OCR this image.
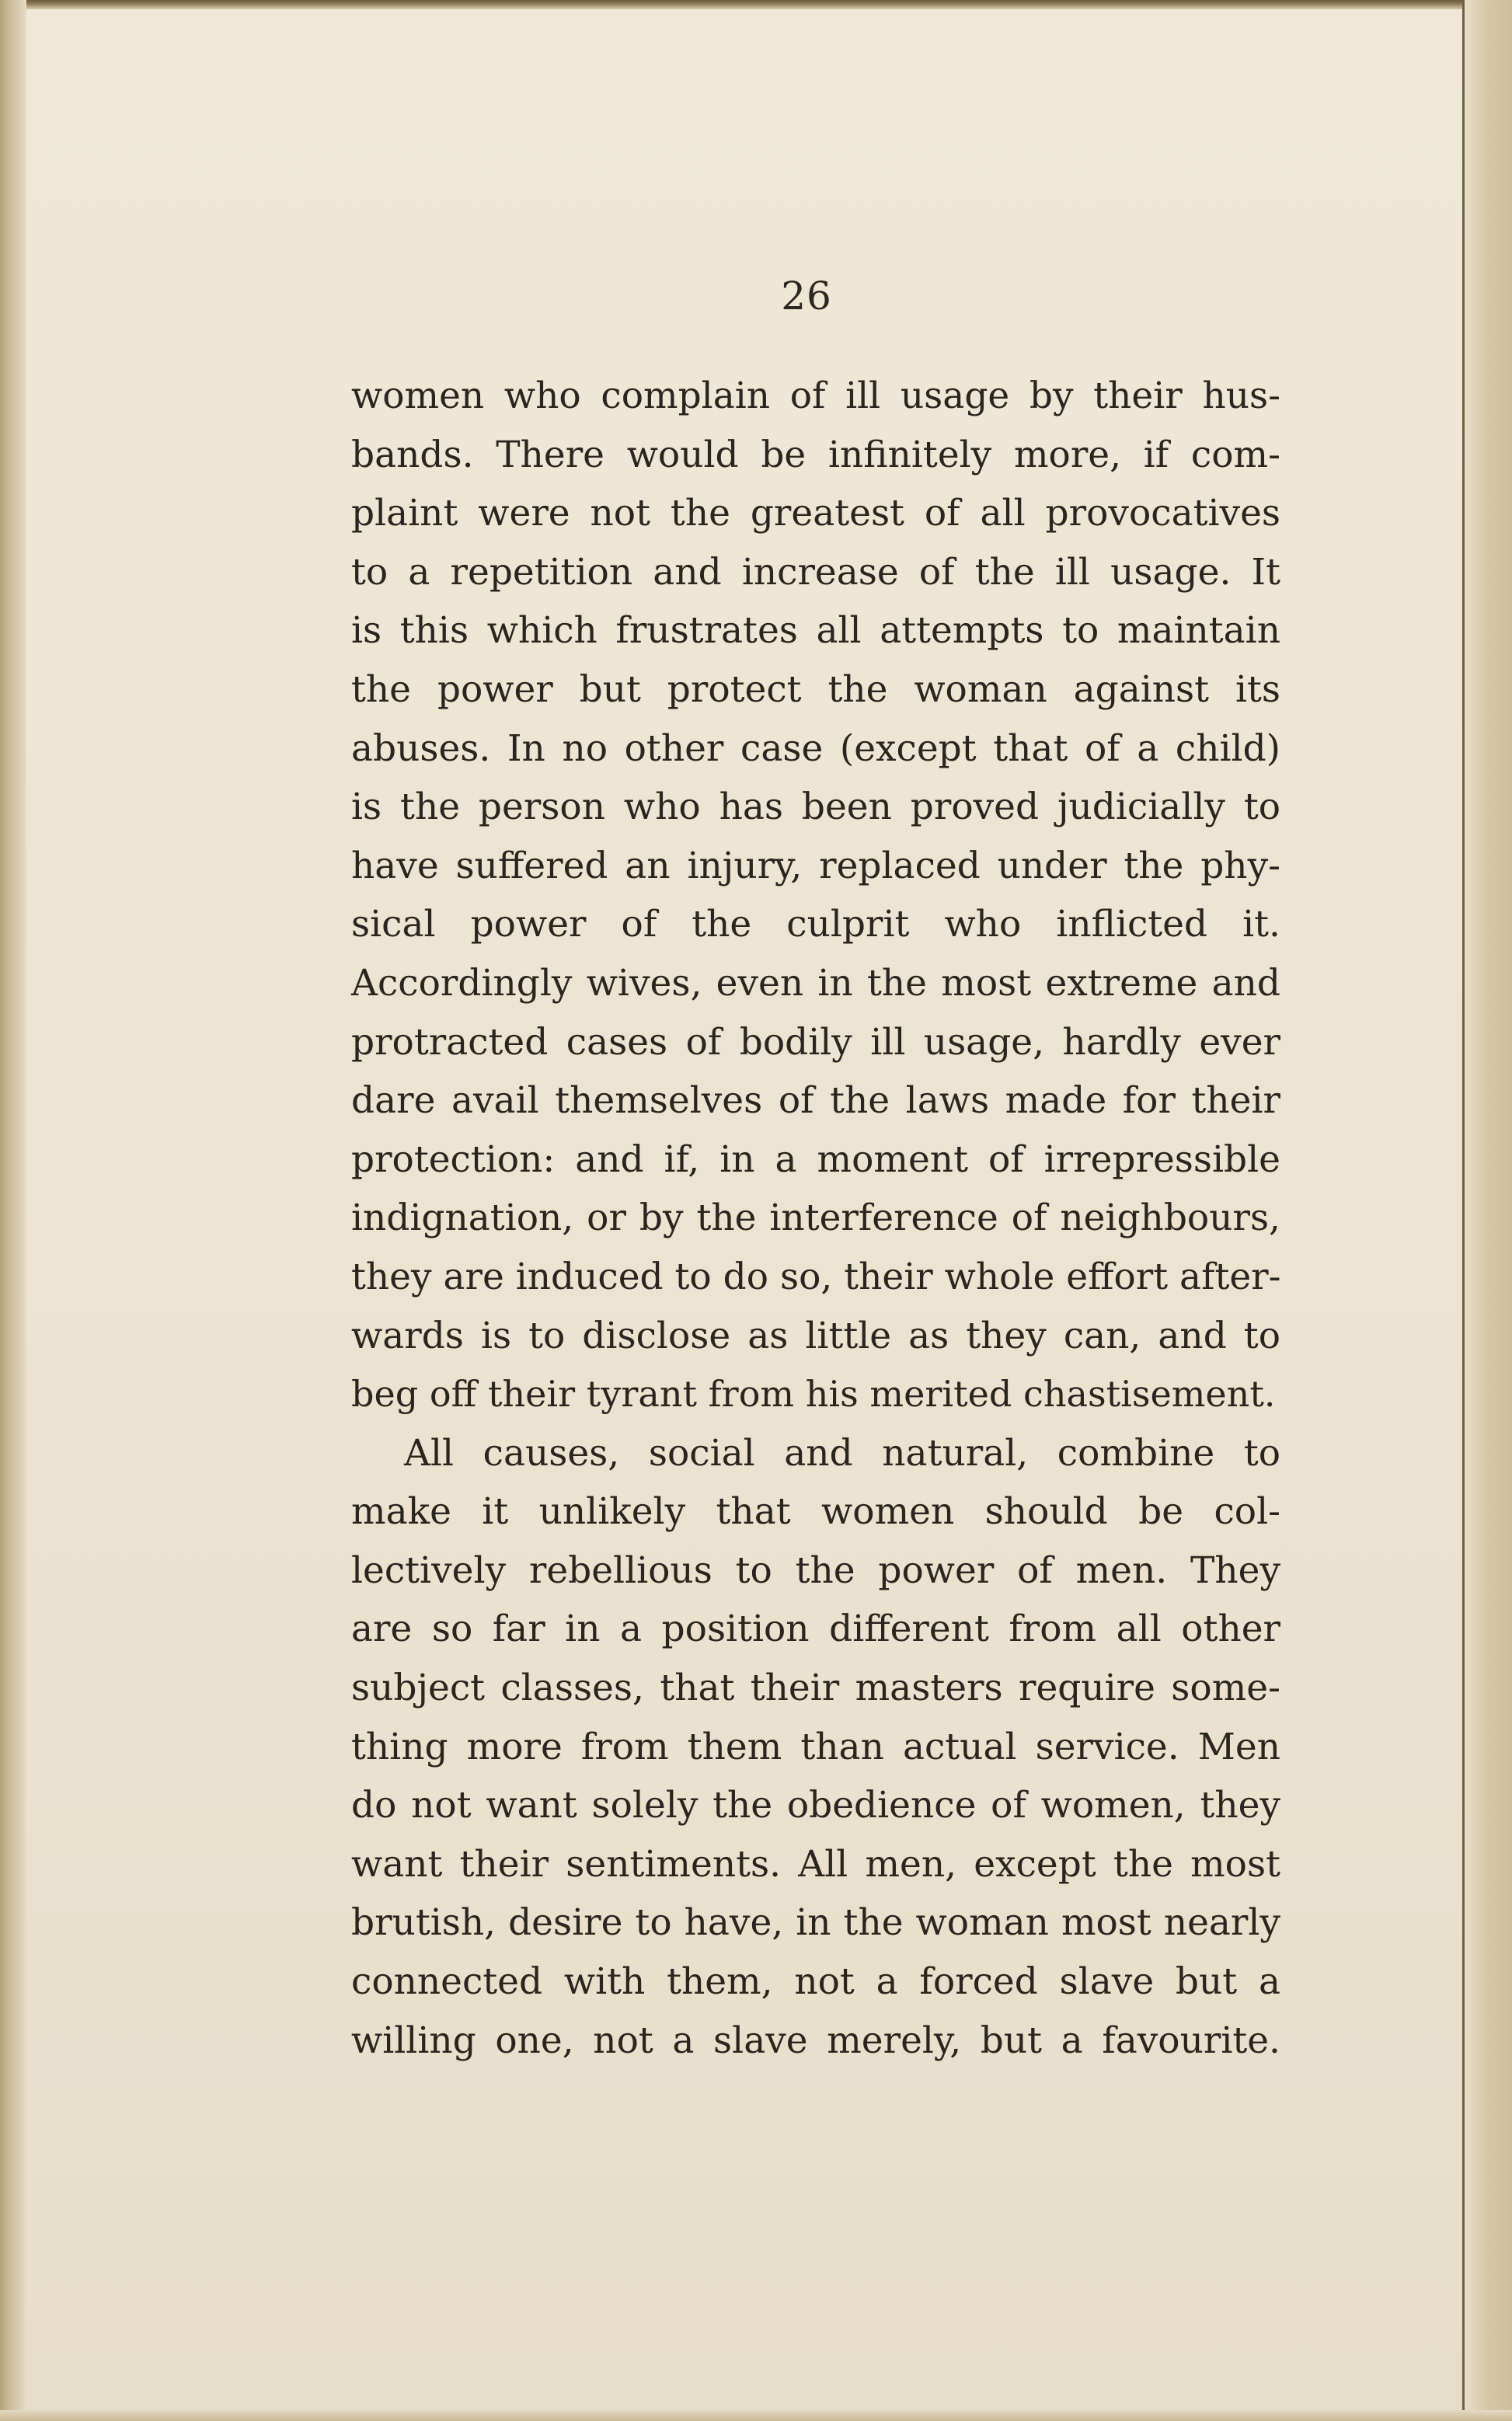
26
women who complain of ill usage by their hus-
bands. There would be infinitely more, if com-
plaint were not the greatest of all provocatives
to a repetition and increase of the ill usage. It
is this which frustrates all attempts to maintain
the power but protect the woman against its
abuses. In no other case (except that of a child)
is the person who has been proved judicially to
have suffered an injury, replaced under the phy-
sical power of the culprit who inflicted it.
Accordingly wives, even in the most extreme and
protracted cases of bodily ill usage, hardly ever
dare avail themselves of the laws made for their
protection: and if, in a moment of irrepressible
indignation, or by the interference of neighbours,
they are induced to do so, their whole effort after-
wards is to disclose as little as they can, and to
beg off their tyrant from his merited chastisement.
All causes, social and natural, combine to
make it unlikely that women should be col-
lectively rebellious to the power of men. They
are so far in a position different from all other
subject classes, that their masters require some-
thing more from them than actual service. Men
do not want solely the obedience of women, they
want their sentiments. All men, except the most
brutish, desire to have, in the woman most nearly
connected with them, not a forced slave but a
willing one, not a slave merely, but a favourite.
